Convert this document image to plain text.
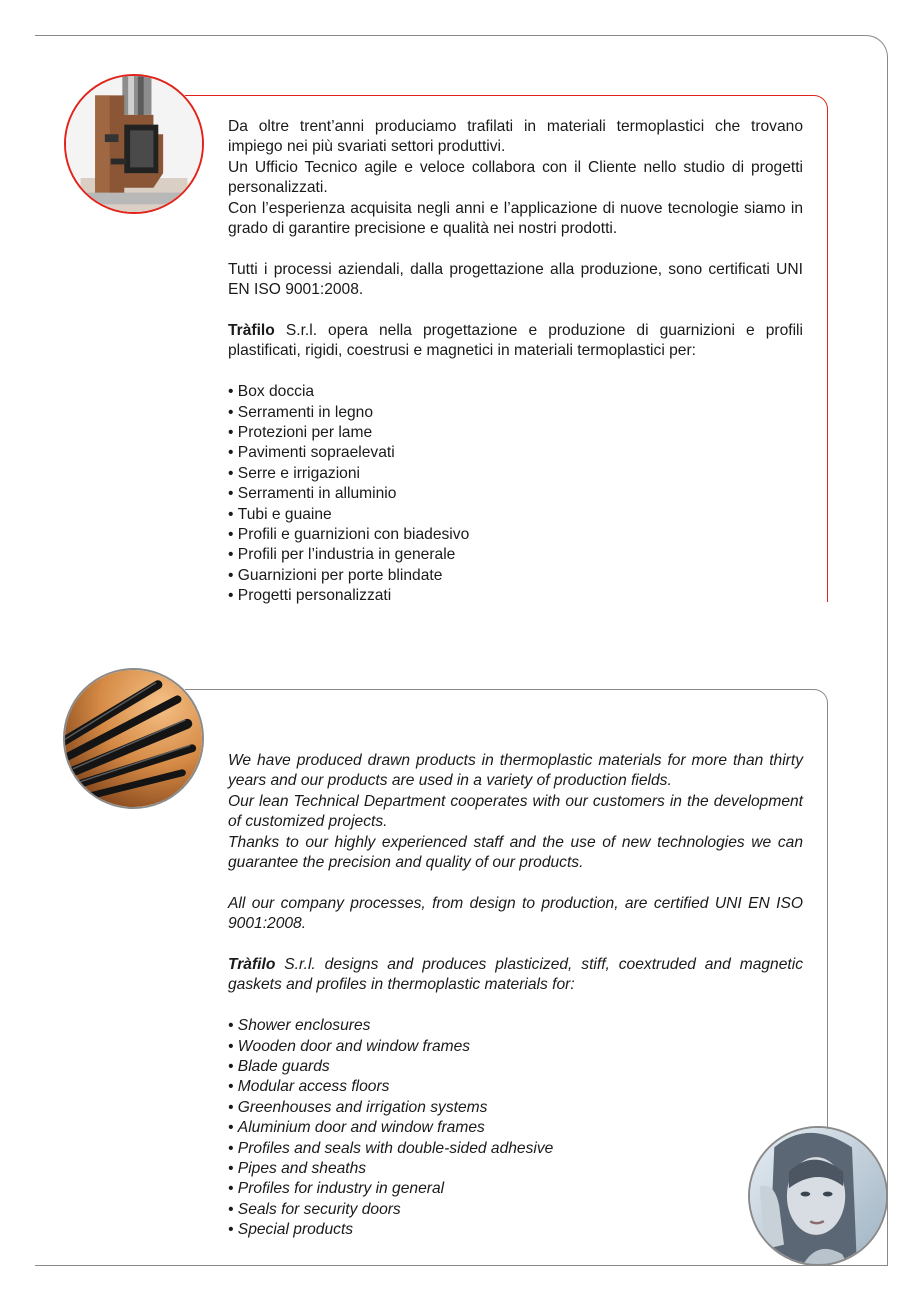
Da oltre trent’anni produciamo trafilati in materiali termoplastici che trovano impiego nei più svariati settori produttivi.

Un Ufficio Tecnico agile e veloce collabora con il Cliente nello studio di progetti personalizzati.

Con l’esperienza acquisita negli anni e l’applicazione di nuove tecnologie siamo in grado di garantire precisione e qualità nei nostri prodotti.

Tutti i processi aziendali, dalla progettazione alla produzione, sono certificati UNI EN ISO 9001:2008.

Tràfilo S.r.l. opera nella progettazione e produzione di guarnizioni e profili plastificati, rigidi, coestrusi e magnetici in materiali termoplastici per:

• Box doccia
• Serramenti in legno
• Protezioni per lame
• Pavimenti sopraelevati
• Serre e irrigazioni
• Serramenti in alluminio
• Tubi e guaine
• Profili e guarnizioni con biadesivo
• Profili per l’industria in generale
• Guarnizioni per porte blindate
• Progetti personalizzati

We have produced drawn products in thermoplastic materials for more than thirty years and our products are used in a variety of production fields.

Our lean Technical Department cooperates with our customers in the development of customized projects.

Thanks to our highly experienced staff and the use of new technologies we can guarantee the precision and quality of our products.

All our company processes, from design to production, are certified UNI EN ISO 9001:2008.

Tràfilo S.r.l. designs and produces plasticized, stiff, coextruded and magnetic gaskets and profiles in thermoplastic materials for:

• Shower enclosures
• Wooden door and window frames
• Blade guards
• Modular access floors
• Greenhouses and irrigation systems
• Aluminium door and window frames
• Profiles and seals with double-sided adhesive
• Pipes and sheaths
• Profiles for industry in general
• Seals for security doors
• Special products
